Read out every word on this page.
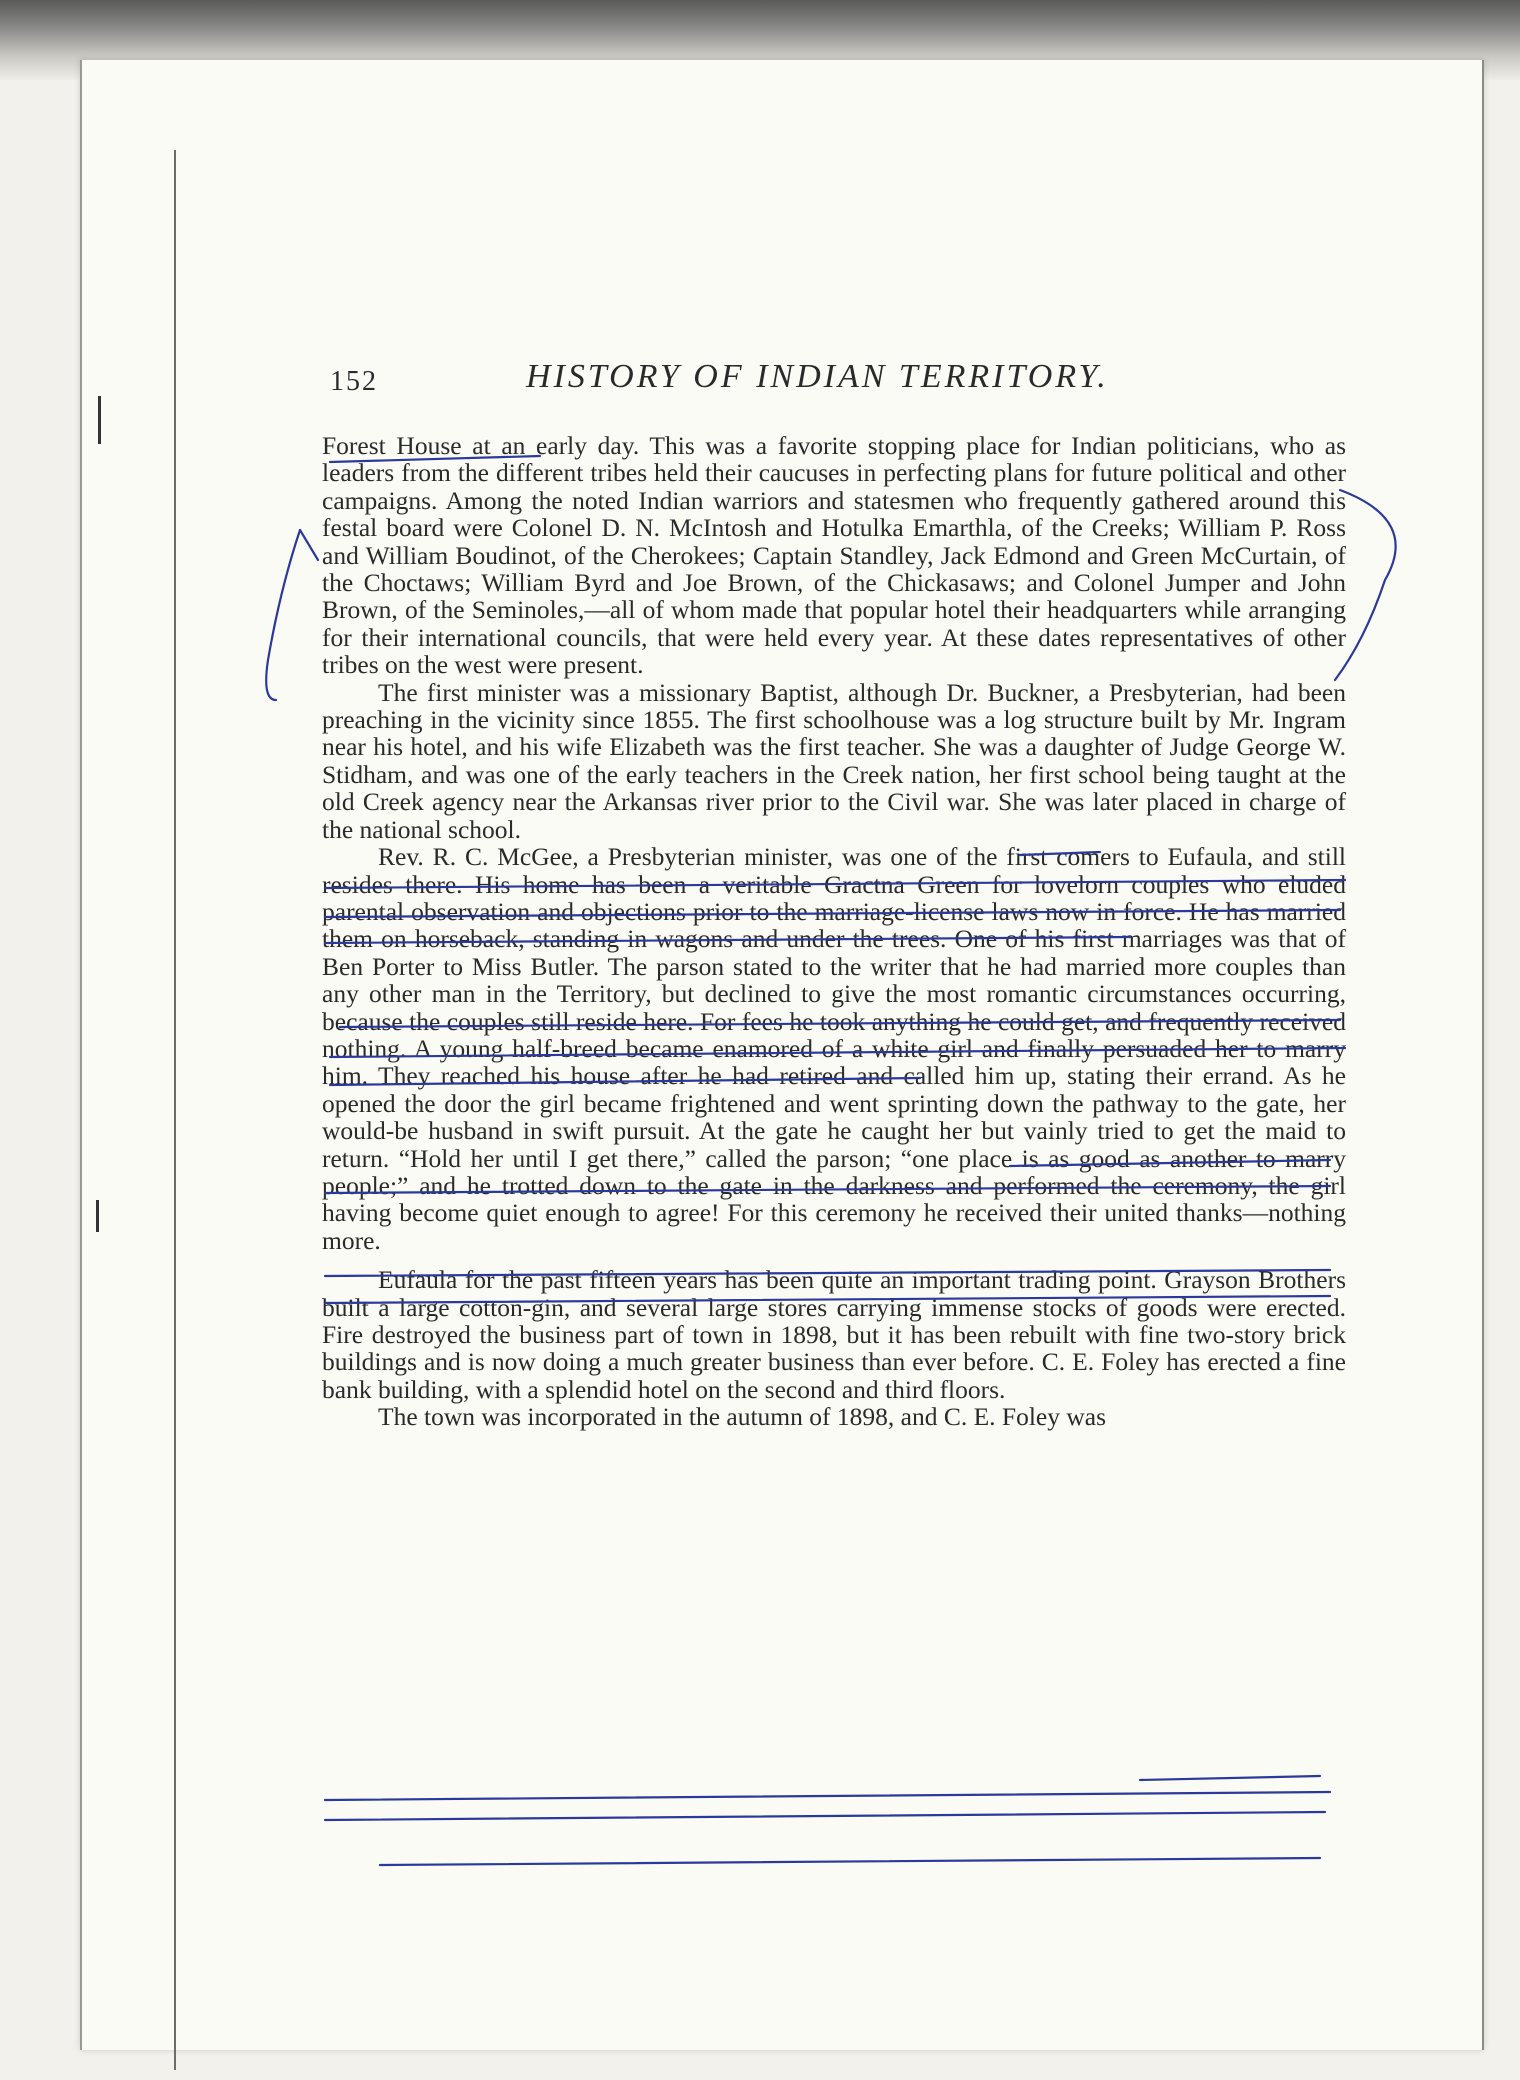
152	HISTORY OF INDIAN TERRITORY.

Forest House at an early day. This was a favorite stopping place for Indian politicians, who as leaders from the different tribes held their caucuses in perfecting plans for future political and other campaigns. Among the noted Indian warriors and statesmen who frequently gathered around this festal board were Colonel D. N. McIntosh and Hotulka Emarthla, of the Creeks; William P. Ross and William Boudinot, of the Cherokees; Captain Standley, Jack Edmond and Green McCurtain, of the Choctaws; William Byrd and Joe Brown, of the Chickasaws; and Colonel Jumper and John Brown, of the Seminoles,—all of whom made that popular hotel their headquarters while arranging for their international councils, that were held every year. At these dates representatives of other tribes on the west were present.

The first minister was a missionary Baptist, although Dr. Buckner, a Presbyterian, had been preaching in the vicinity since 1855. The first schoolhouse was a log structure built by Mr. Ingram near his hotel, and his wife Elizabeth was the first teacher. She was a daughter of Judge George W. Stidham, and was one of the early teachers in the Creek nation, her first school being taught at the old Creek agency near the Arkansas river prior to the Civil war. She was later placed in charge of the national school.

Rev. R. C. McGee, a Presbyterian minister, was one of the first comers to Eufaula, and still resides there. His home has been a veritable Gractna Green for lovelorn couples who eluded parental observation and objections prior to the marriage-license laws now in force. He has married them on horseback, standing in wagons and under the trees. One of his first marriages was that of Ben Porter to Miss Butler. The parson stated to the writer that he had married more couples than any other man in the Territory, but declined to give the most romantic circumstances occurring, because the couples still reside here. For fees he took anything he could get, and frequently received nothing. A young half-breed became enamored of a white girl and finally persuaded her to marry him. They reached his house after he had retired and called him up, stating their errand. As he opened the door the girl became frightened and went sprinting down the pathway to the gate, her would-be husband in swift pursuit. At the gate he caught her but vainly tried to get the maid to return. “Hold her until I get there,” called the parson; “one place is as good as another to marry people;” and he trotted down to the gate in the darkness and performed the ceremony, the girl having become quiet enough to agree! For this ceremony he received their united thanks—nothing more.

Eufaula for the past fifteen years has been quite an important trading point. Grayson Brothers built a large cotton-gin, and several large stores carrying immense stocks of goods were erected. Fire destroyed the business part of town in 1898, but it has been rebuilt with fine two-story brick buildings and is now doing a much greater business than ever before. C. E. Foley has erected a fine bank building, with a splendid hotel on the second and third floors.

The town was incorporated in the autumn of 1898, and C. E. Foley was
